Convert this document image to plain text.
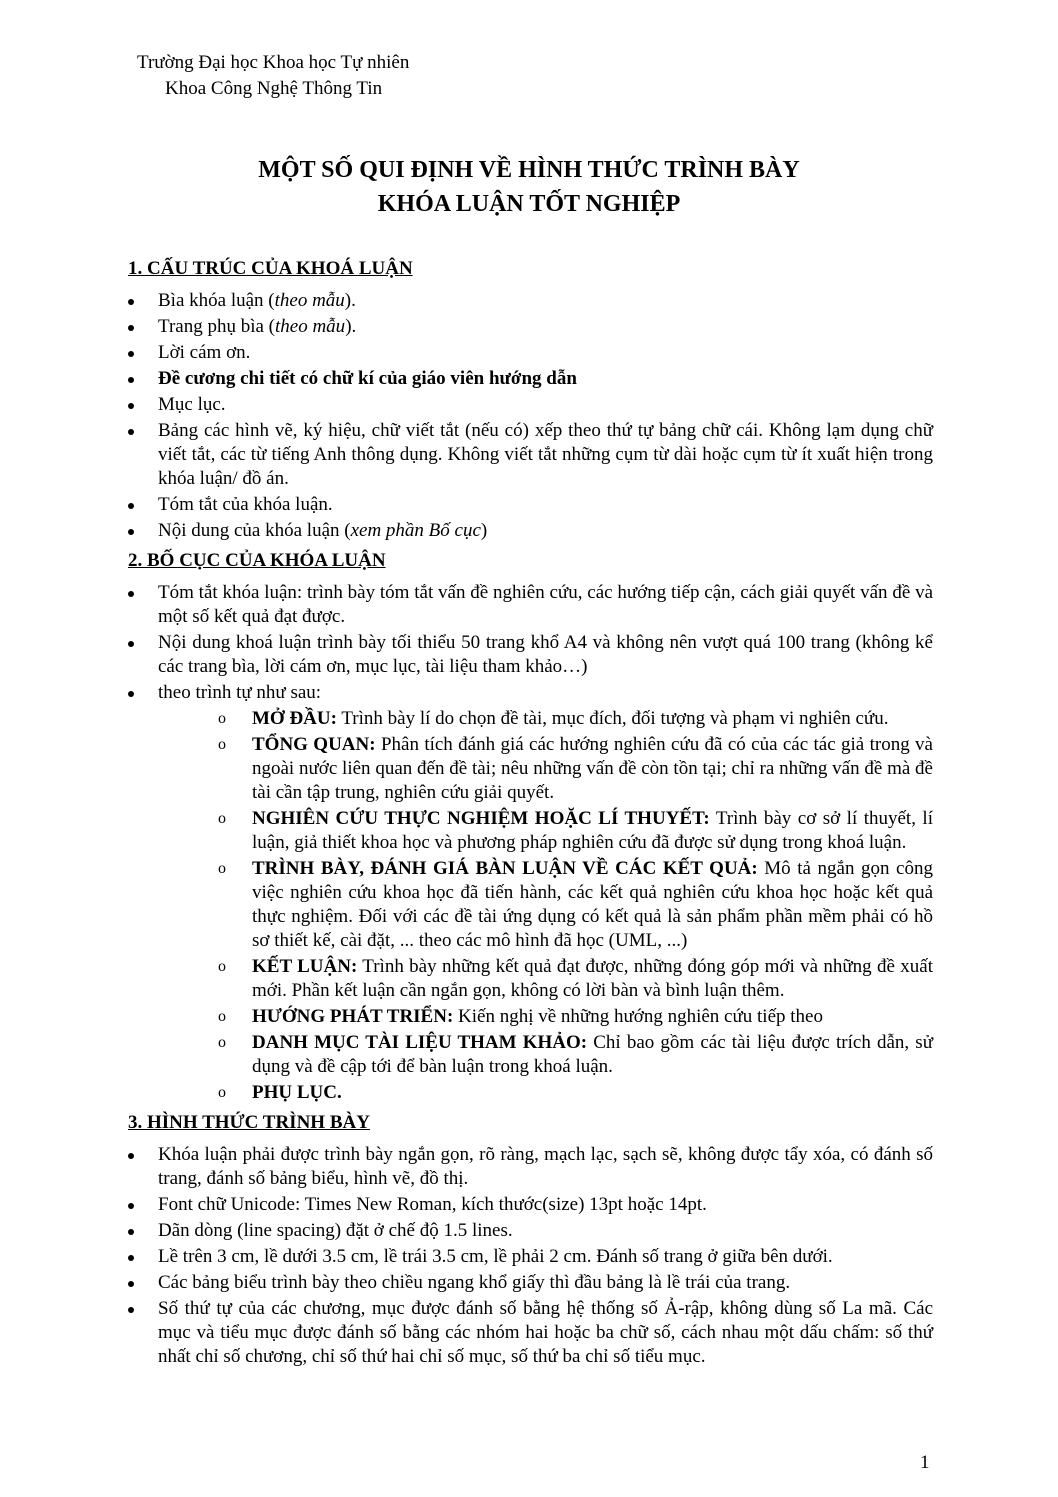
Trường Đại học Khoa học Tự nhiên
Khoa Công Nghệ Thông Tin
MỘT SỐ QUI ĐỊNH VỀ HÌNH THỨC TRÌNH BÀY
KHÓA LUẬN TỐT NGHIỆP
1. CẤU TRÚC CỦA KHOÁ LUẬN
Bìa khóa luận (theo mẫu).
Trang phụ bìa (theo mẫu).
Lời cám ơn.
Đề cương chi tiết có chữ kí của giáo viên hướng dẫn
Mục lục.
Bảng các hình vẽ, ký hiệu, chữ viết tắt (nếu có) xếp theo thứ tự bảng chữ cái. Không lạm dụng chữ viết tắt, các từ tiếng Anh thông dụng. Không viết tắt những cụm từ dài hoặc cụm từ ít xuất hiện trong khóa luận/ đồ án.
Tóm tắt của khóa luận.
Nội dung của khóa luận (xem phần Bố cục)
2. BỐ CỤC CỦA KHÓA LUẬN
Tóm tắt khóa luận: trình bày tóm tắt vấn đề nghiên cứu, các hướng tiếp cận, cách giải quyết vấn đề và một số kết quả đạt được.
Nội dung khoá luận trình bày tối thiểu 50 trang khổ A4 và không nên vượt quá 100 trang (không kể các trang bìa, lời cám ơn, mục lục, tài liệu tham khảo…)
theo trình tự như sau:
o MỞ ĐẦU: Trình bày lí do chọn đề tài, mục đích, đối tượng và phạm vi nghiên cứu.
o TỔNG QUAN: Phân tích đánh giá các hướng nghiên cứu đã có của các tác giả trong và ngoài nước liên quan đến đề tài; nêu những vấn đề còn tồn tại; chỉ ra những vấn đề mà đề tài cần tập trung, nghiên cứu giải quyết.
o NGHIÊN CỨU THỰC NGHIỆM HOẶC LÍ THUYẾT: Trình bày cơ sở lí thuyết, lí luận, giả thiết khoa học và phương pháp nghiên cứu đã được sử dụng trong khoá luận.
o TRÌNH BÀY, ĐÁNH GIÁ BÀN LUẬN VỀ CÁC KẾT QUẢ: Mô tả ngắn gọn công việc nghiên cứu khoa học đã tiến hành, các kết quả nghiên cứu khoa học hoặc kết quả thực nghiệm. Đối với các đề tài ứng dụng có kết quả là sản phẩm phần mềm phải có hồ sơ thiết kế, cài đặt, ... theo các mô hình đã học (UML, ...)
o KẾT LUẬN: Trình bày những kết quả đạt được, những đóng góp mới và những đề xuất mới. Phần kết luận cần ngắn gọn, không có lời bàn và bình luận thêm.
o HƯỚNG PHÁT TRIỂN: Kiến nghị về những hướng nghiên cứu tiếp theo
o DANH MỤC TÀI LIỆU THAM KHẢO: Chỉ bao gồm các tài liệu được trích dẫn, sử dụng và đề cập tới để bàn luận trong khoá luận.
o PHỤ LỤC.
3. HÌNH THỨC TRÌNH BÀY
Khóa luận phải được trình bày ngắn gọn, rõ ràng, mạch lạc, sạch sẽ, không được tẩy xóa, có đánh số trang, đánh số bảng biểu, hình vẽ, đồ thị.
Font chữ Unicode: Times New Roman, kích thước(size) 13pt hoặc 14pt.
Dãn dòng (line spacing) đặt ở chế độ 1.5 lines.
Lề trên 3 cm, lề dưới 3.5 cm, lề trái 3.5 cm, lề phải 2 cm. Đánh số trang ở giữa bên dưới.
Các bảng biểu trình bày theo chiều ngang khổ giấy thì đầu bảng là lề trái của trang.
Số thứ tự của các chương, mục được đánh số bằng hệ thống số Ả-rập, không dùng số La mã. Các mục và tiểu mục được đánh số bằng các nhóm hai hoặc ba chữ số, cách nhau một dấu chấm: số thứ nhất chỉ số chương, chỉ số thứ hai chỉ số mục, số thứ ba chỉ số tiểu mục.
1
